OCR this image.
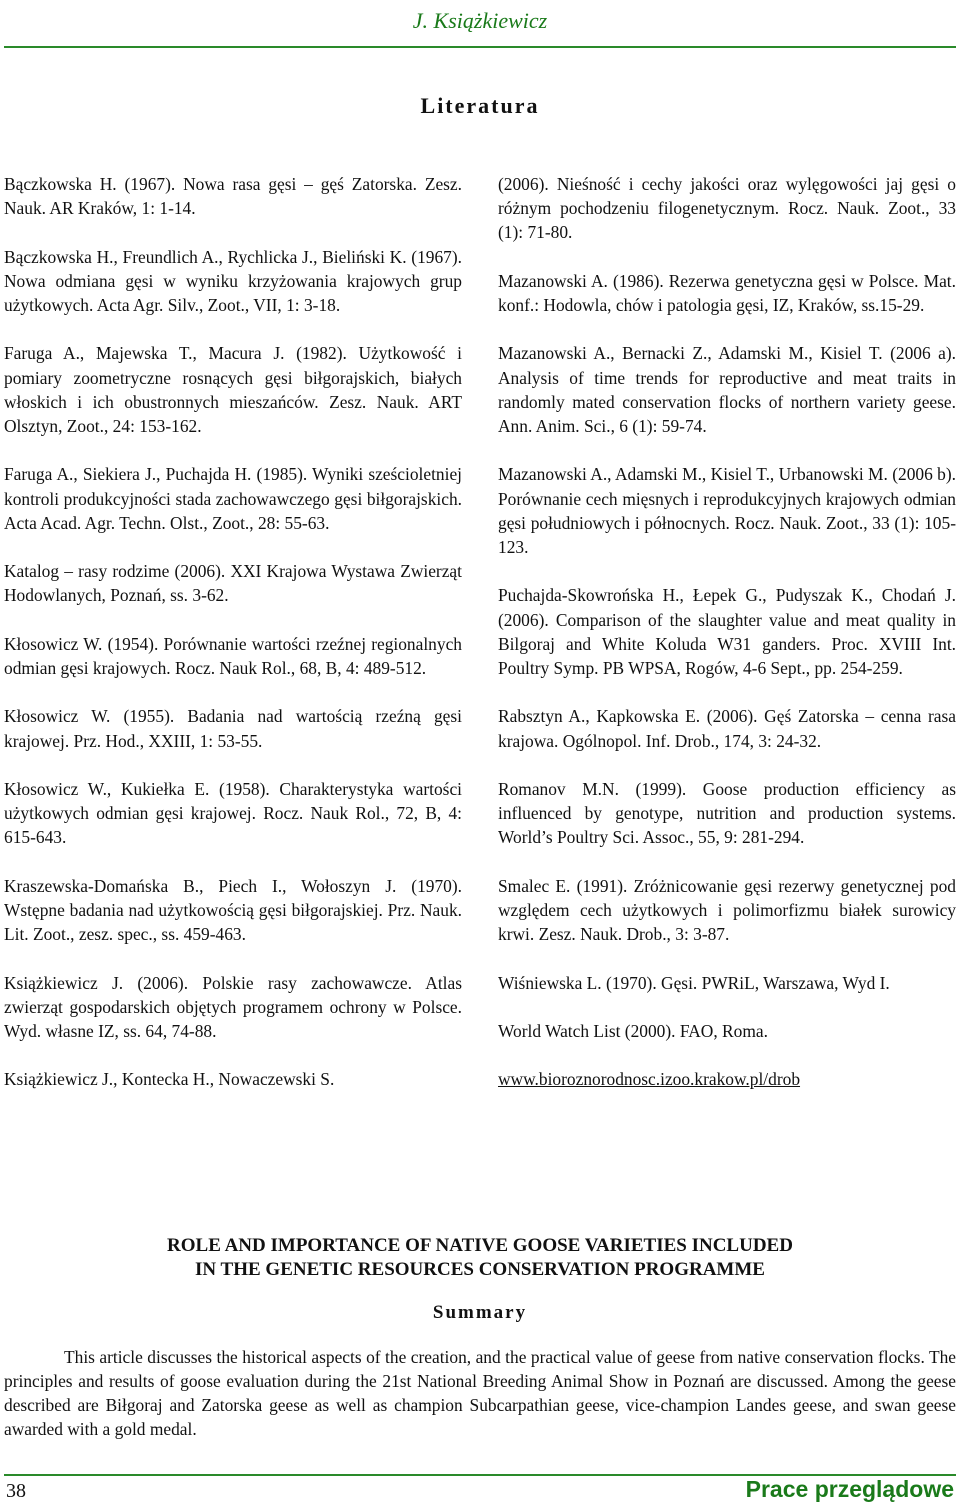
J. Książkiewicz
Literatura

Bączkowska H. (1967). Nowa rasa gęsi – gęś Zatorska. Zesz. Nauk. AR Kraków, 1: 1-14.

Bączkowska H., Freundlich A., Rychlicka J., Bieliński K. (1967). Nowa odmiana gęsi w wyniku krzyżowania krajowych grup użytkowych. Acta Agr. Silv., Zoot., VII, 1: 3-18.

Faruga A., Majewska T., Macura J. (1982). Użytkowość i pomiary zoometryczne rosnących gęsi biłgorajskich, białych włoskich i ich obustronnych mieszańców. Zesz. Nauk. ART Olsztyn, Zoot., 24: 153-162.

Faruga A., Siekiera J., Puchajda H. (1985). Wyniki sześcioletniej kontroli produkcyjności stada zachowawczego gęsi biłgorajskich. Acta Acad. Agr. Techn. Olst., Zoot., 28: 55-63.

Katalog – rasy rodzime (2006). XXI Krajowa Wystawa Zwierząt Hodowlanych, Poznań, ss. 3-62.

Kłosowicz W. (1954). Porównanie wartości rzeźnej regionalnych odmian gęsi krajowych. Rocz. Nauk Rol., 68, B, 4: 489-512.

Kłosowicz W. (1955). Badania nad wartością rzeźną gęsi krajowej. Prz. Hod., XXIII, 1: 53-55.

Kłosowicz W., Kukiełka E. (1958). Charakterystyka wartości użytkowych odmian gęsi krajowej. Rocz. Nauk Rol., 72, B, 4: 615-643.

Kraszewska-Domańska B., Piech I., Wołoszyn J. (1970). Wstępne badania nad użytkowością gęsi biłgorajskiej. Prz. Nauk. Lit. Zoot., zesz. spec., ss. 459-463.

Książkiewicz J. (2006). Polskie rasy zachowawcze. Atlas zwierząt gospodarskich objętych programem ochrony w Polsce. Wyd. własne IZ, ss. 64, 74-88.

Książkiewicz J., Kontecka H., Nowaczewski S.

(2006). Nieśność i cechy jakości oraz wylęgowości jaj gęsi o różnym pochodzeniu filogenetycznym. Rocz. Nauk. Zoot., 33 (1): 71-80.

Mazanowski A. (1986). Rezerwa genetyczna gęsi w Polsce. Mat. konf.: Hodowla, chów i patologia gęsi, IZ, Kraków, ss.15-29.

Mazanowski A., Bernacki Z., Adamski M., Kisiel T. (2006 a). Analysis of time trends for reproductive and meat traits in randomly mated conservation flocks of northern variety geese. Ann. Anim. Sci., 6 (1): 59-74.

Mazanowski A., Adamski M., Kisiel T., Urbanowski M. (2006 b). Porównanie cech mięsnych i reprodukcyjnych krajowych odmian gęsi południowych i północnych. Rocz. Nauk. Zoot., 33 (1): 105-123.

Puchajda-Skowrońska H., Łepek G., Pudyszak K., Chodań J. (2006). Comparison of the slaughter value and meat quality in Bilgoraj and White Koluda W31 ganders. Proc. XVIII Int. Poultry Symp. PB WPSA, Rogów, 4-6 Sept., pp. 254-259.

Rabsztyn A., Kapkowska E. (2006). Gęś Zatorska – cenna rasa krajowa. Ogólnopol. Inf. Drob., 174, 3: 24-32.

Romanov M.N. (1999). Goose production efficiency as influenced by genotype, nutrition and production systems. World’s Poultry Sci. Assoc., 55, 9: 281-294.

Smalec E. (1991). Zróżnicowanie gęsi rezerwy genetycznej pod względem cech użytkowych i polimorfizmu białek surowicy krwi. Zesz. Nauk. Drob., 3: 3-87.

Wiśniewska L. (1970). Gęsi. PWRiL, Warszawa, Wyd I.

World Watch List (2000). FAO, Roma.

www.bioroznorodnosc.izoo.krakow.pl/drob

ROLE AND IMPORTANCE OF NATIVE GOOSE VARIETIES INCLUDED
IN THE GENETIC RESOURCES CONSERVATION PROGRAMME
Summary

This article discusses the historical aspects of the creation, and the practical value of geese from native conservation flocks. The principles and results of goose evaluation during the 21st National Breeding Animal Show in Poznań are discussed. Among the geese described are Biłgoraj and Zatorska geese as well as champion Subcarpathian geese, vice-champion Landes geese, and swan geese awarded with a gold medal.

38	Prace przeglądowe
